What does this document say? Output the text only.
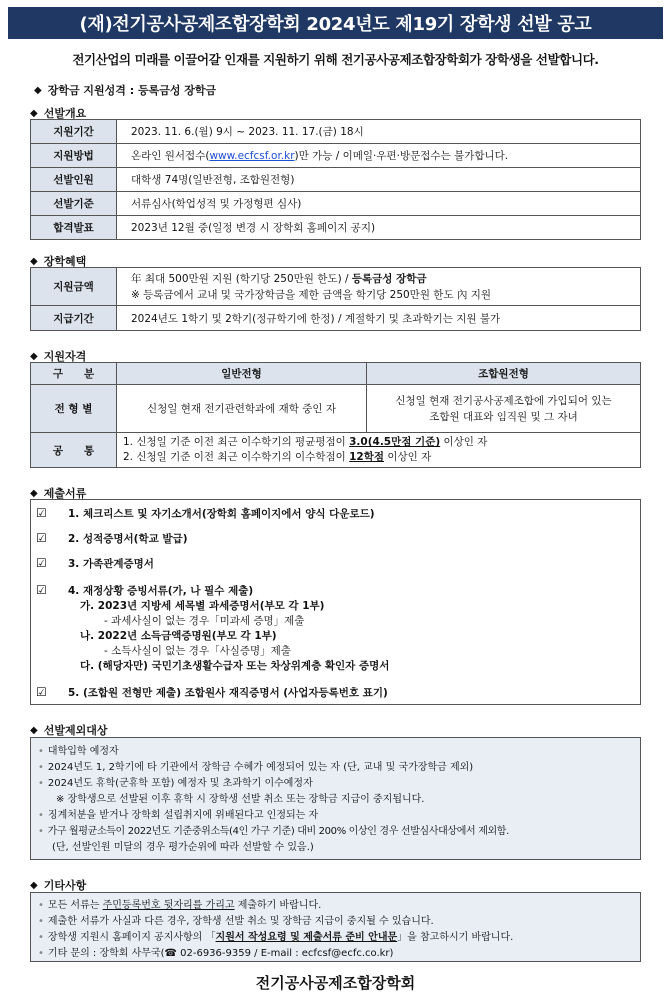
(재)전기공사공제조합장학회 2024년도 제19기 장학생 선발 공고
전기산업의 미래를 이끌어갈 인재를 지원하기 위해 전기공사공제조합장학회가 장학생을 선발합니다.
◆ 장학금 지원성격 : 등록금성 장학금
◆ 선발개요
지원기간	2023. 11. 6.(월) 9시 ~ 2023. 11. 17.(금) 18시
지원방법	온라인 원서접수(www.ecfcsf.or.kr)만 가능 / 이메일·우편·방문접수는 불가합니다.
선발인원	대학생 74명(일반전형, 조합원전형)
선발기준	서류심사(학업성적 및 가정형편 심사)
합격발표	2023년 12월 중(일정 변경 시 장학회 홈페이지 공지)
◆ 장학혜택
지원금액	年 최대 500만원 지원 (학기당 250만원 한도) / 등록금성 장학금
※ 등록금에서 교내 및 국가장학금을 제한 금액을 학기당 250만원 한도 內 지원

지급기간	2024년도 1학기 및 2학기(정규학기에 한정) / 계절학기 및 초과학기는 지원 불가
◆ 지원자격
구　　분	일반전형	조합원전형
전 형 별	신청일 현재 전기관련학과에 재학 중인 자	신청일 현재 전기공사공제조합에 가입되어 있는
조합원 대표와 임직원 및 그 자녀

공　　통	1. 신청일 기준 이전 최근 이수학기의 평균평점이 3.0(4.5만점 기준) 이상인 자
2. 신청일 기준 이전 최근 이수학기의 이수학점이 12학점 이상인 자	
◆ 제출서류
☑	1. 체크리스트 및 자기소개서(장학회 홈페이지에서 양식 다운로드)
☑	2. 성적증명서(학교 발급)
☑	3. 가족관계증명서
☑	4. 재정상황 증빙서류(가, 나 필수 제출)
가. 2023년 지방세 세목별 과세증명서(부모 각 1부)
- 과세사실이 없는 경우「미과세 증명」제출
나. 2022년 소득금액증명원(부모 각 1부)
- 소득사실이 없는 경우「사실증명」제출
다. (해당자만) 국민기초생활수급자 또는 차상위계층 확인자 증명서
☑	5. (조합원 전형만 제출) 조합원사 재직증명서 (사업자등록번호 표기)
◆ 선발제외대상
• 대학입학 예정자
• 2024년도 1, 2학기에 타 기관에서 장학금 수혜가 예정되어 있는 자 (단, 교내 및 국가장학금 제외)
• 2024년도 휴학(군휴학 포함) 예정자 및 초과학기 이수예정자
※ 장학생으로 선발된 이후 휴학 시 장학생 선발 취소 또는 장학금 지급이 중지됩니다.
• 징계처분을 받거나 장학회 설립취지에 위배된다고 인정되는 자
• 가구 월평균소득이 2022년도 기준중위소득(4인 가구 기준) 대비 200% 이상인 경우 선발심사대상에서 제외함.
(단, 선발인원 미달의 경우 평가순위에 따라 선발할 수 있음.)
◆ 기타사항
• 모든 서류는 주민등록번호 뒷자리를 가리고 제출하기 바랍니다.
• 제출한 서류가 사실과 다른 경우, 장학생 선발 취소 및 장학금 지급이 중지될 수 있습니다.
• 장학생 지원시 홈페이지 공지사항의 「지원서 작성요령 및 제출서류 준비 안내문」을 참고하시기 바랍니다.
• 기타 문의 : 장학회 사무국(☎ 02-6936-9359 / E-mail : ecfcsf@ecfc.co.kr)
전기공사공제조합장학회
